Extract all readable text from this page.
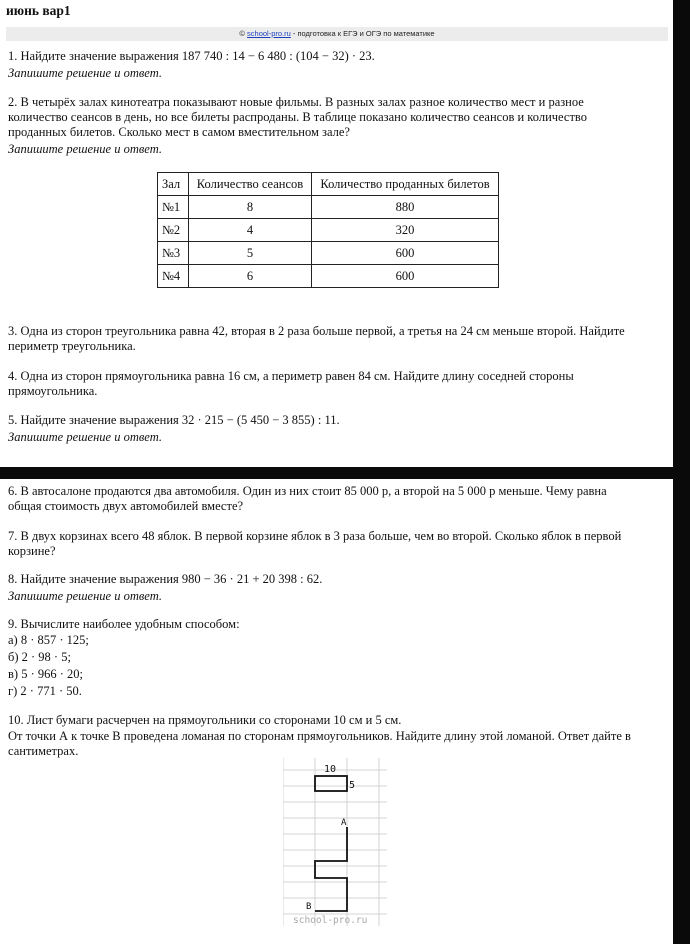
июнь вар1
© school-pro.ru - подготовка к ЕГЭ и ОГЭ по математике
1. Найдите значение выражения 187 740 : 14 − 6 480 : (104 − 32) · 23.
Запишите решение и ответ.
2. В четырёх залах кинотеатра показывают новые фильмы. В разных залах разное количество мест и разное количество сеансов в день, но все билеты распроданы. В таблице показано количество сеансов и количество проданных билетов. Сколько мест в самом вместительном зале?
Запишите решение и ответ.
Зал	Количество сеансов	Количество проданных билетов
№1	8	880
№2	4	320
№3	5	600
№4	6	600
3. Одна из сторон треугольника равна 42, вторая в 2 раза больше первой, а третья на 24 см меньше второй. Найдите периметр треугольника.
4. Одна из сторон прямоугольника равна 16 см, а периметр равен 84 см. Найдите длину соседней стороны прямоугольника.
5. Найдите значение выражения 32 · 215 − (5 450 − 3 855) : 11.
Запишите решение и ответ.
6. В автосалоне продаются два автомобиля. Один из них стоит 85 000 р, а второй на 5 000 р меньше. Чему равна общая стоимость двух автомобилей вместе?
7. В двух корзинах всего 48 яблок. В первой корзине яблок в 3 раза больше, чем во второй. Сколько яблок в первой корзине?
8. Найдите значение выражения 980 − 36 · 21 + 20 398 : 62.
Запишите решение и ответ.
9. Вычислите наиболее удобным способом:
а) 8 · 857 · 125;
б) 2 · 98 · 5;
в) 5 · 966 · 20;
г) 2 · 771 · 50.
10. Лист бумаги расчерчен на прямоугольники со сторонами 10 см и 5 см.
От точки А к точке В проведена ломаная по сторонам прямоугольников. Найдите длину этой ломаной. Ответ дайте в сантиметрах.
10
5
A
B
school-pro.ru
